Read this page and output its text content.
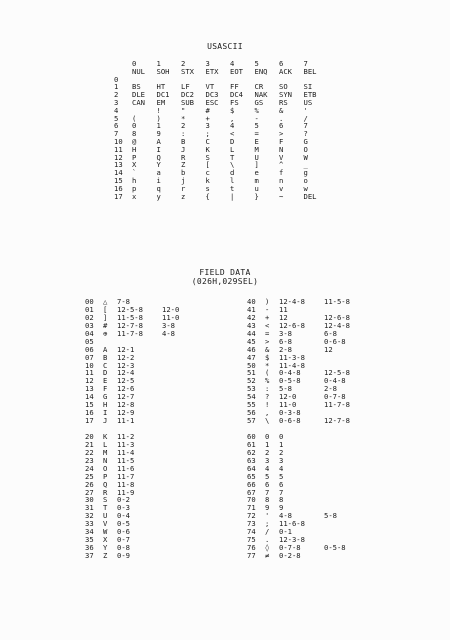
USASCII
	0	1	2	3	4	5	6	7
	NUL	SOH	STX	ETX	EOT	ENQ	ACK	BEL
0								
1	BS	HT	LF	VT	FF	CR	SO	SI
2	DLE	DC1	DC2	DC3	DC4	NAK	SYN	ETB
3	CAN	EM	SUB	ESC	FS	GS	RS	US
4		!	"	#	$	%	&	'
5	(	)	*	+	,	-	.	/
6	0	1	2	3	4	5	6	7
7	8	9	:	;	<	=	>	?
10	@	A	B	C	D	E	F	G
11	H	I	J	K	L	M	N	O
12	P	Q	R	S	T	U	V	W
13	X	Y	Z	[	\	]	^	_
14	`	a	b	c	d	e	f	g
15	h	i	j	k	l	m	n	o
16	p	q	r	s	t	u	v	w
17	x	y	z	{	|	}	~	DEL
FIELD DATA
(026H,029SEL)
00	△	7-8
01	[	12-5-8	12-0
02	]	11-5-8	11-0
03	#	12-7-8	3-8
04	⊕	11-7-8	4-8
05
06	A	12-1
07	B	12-2
10	C	12-3
11	D	12-4
12	E	12-5
13	F	12-6
14	G	12-7
15	H	12-8
16	I	12-9
17	J	11-1
20	K	11-2
21	L	11-3
22	M	11-4
23	N	11-5
24	O	11-6
25	P	11-7
26	Q	11-8
27	R	11-9
30	S	0-2
31	T	0-3
32	U	0-4
33	V	0-5
34	W	0-6
35	X	0-7
36	Y	0-8
37	Z	0-9
40	)	12-4-8	11-5-8
41	-	11
42	+	12	12-6-8
43	<	12-6-8	12-4-8
44	=	3-8	6-8
45	>	6-8	0-6-8
46	&	2-8	12
47	$	11-3-8
50	*	11-4-8
51	(	0-4-8	12-5-8
52	%	0-5-8	0-4-8
53	:	5-8	2-8
54	?	12-0	0-7-8
55	!	11-0	11-7-8
56	,	0-3-8
57	\	0-6-8	12-7-8
60	0	0
61	1	1
62	2	2
63	3	3
64	4	4
65	5	5
66	6	6
67	7	7
70	8	8
71	9	9
72	'	4-8	5-8
73	;	11-6-8
74	/	0-1
75	.	12-3-8
76	◊	0-7-8	0-5-8
77	≠	0-2-8
